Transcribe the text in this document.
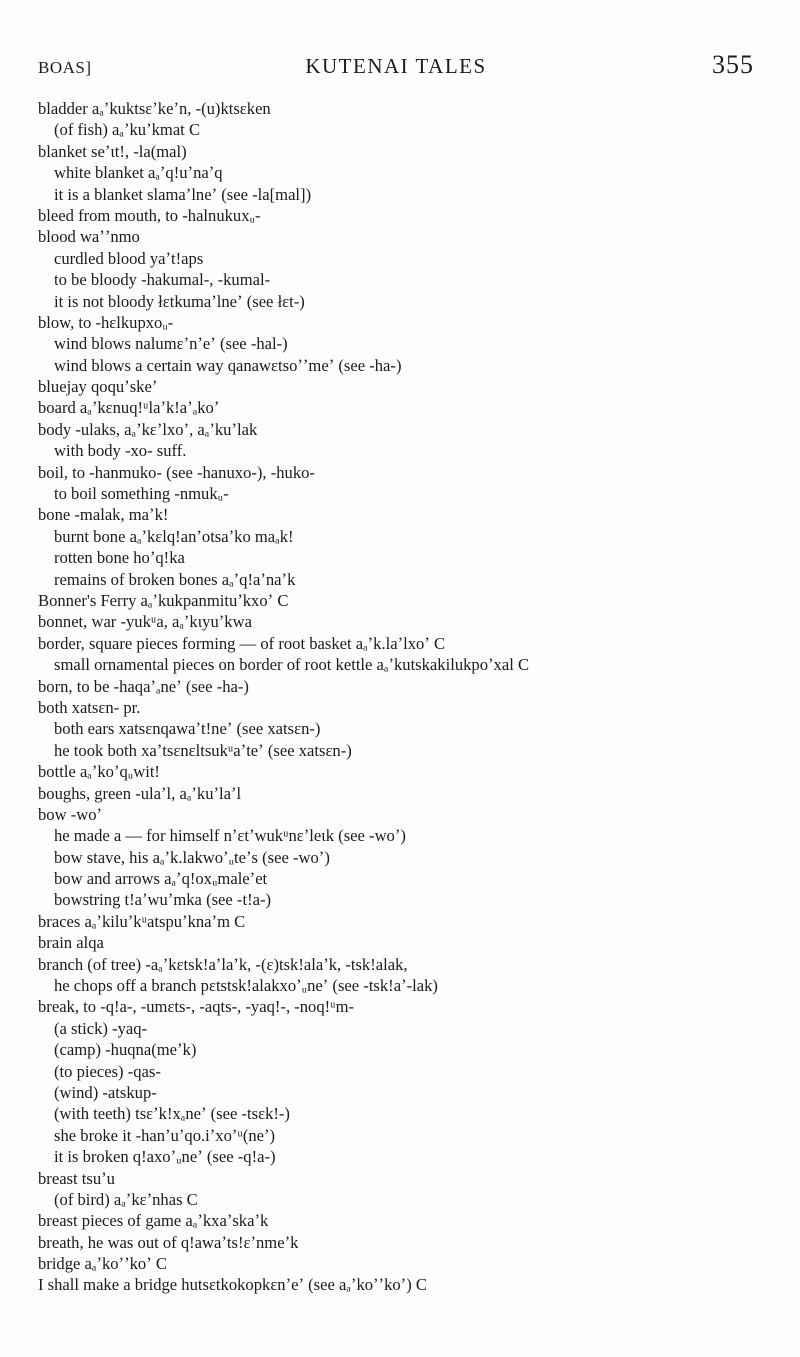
BOAS]	KUTENAI TALES	355
bladder aₐʼkuktsɛʼkeʼn, -(u)ktsɛken
(of fish) aₐʼkuʼkmat C
blanket seʼɩt!, -la(mal)
white blanket aₐʼq!uʼnaʼq
it is a blanket slamaʼlneʼ (see -la[mal])
bleed from mouth, to -halnukuxᵤ-
blood waʼʼnmo
curdled blood yaʼt!aps
to be bloody -hakumal-, -kumal-
it is not bloody łɛtkumaʼlneʼ (see łɛt-)
blow, to -hɛlkupxoᵤ-
wind blows nalumɛʼnʼeʼ (see -hal-)
wind blows a certain way qanawɛtsoʼʼmeʼ (see -ha-)
bluejay qoquʼskeʼ
board aₐʼkɛnuq!ᵘlaʼk!aʼₐkoʼ
body -ulaks, aₐʼkɛʼlxoʼ, aₐʼkuʼlak
with body -xo- suff.
boil, to -hanmuko- (see -hanuxo-), -huko-
to boil something -nmukᵤ-
bone -malak, maʼk!
burnt bone aₐʼkɛlq!anʼotsaʼko maₐk!
rotten bone hoʼq!ka
remains of broken bones aₐʼq!aʼnaʼk
Bonner's Ferry aₐʼkukpanmituʼkxoʼ C
bonnet, war -yukᵘa, aₐʼkɩyuʼkwa
border, square pieces forming — of root basket aₐʼk.laʼlxoʼ C
small ornamental pieces on border of root kettle aₐʼkutskakilukpoʼxal C
born, to be -haqaʼₐneʼ (see -ha-)
both xatsɛn- pr.
both ears xatsɛnqawaʼt!neʼ (see xatsɛn-)
he took both xaʼtsɛnɛltsukᵘaʼteʼ (see xatsɛn-)
bottle aₐʼkoʼqᵤwit!
boughs, green -ulaʼl, aₐʼkuʼlaʼl
bow -woʼ
he made a — for himself nʼɛtʼwukᵘnɛʼleɩk (see -woʼ)
bow stave, his aₐʼk.lakwoʼᵤteʼs (see -woʼ)
bow and arrows aₐʼq!oxᵤmaleʼet
bowstring t!aʼwuʼmka (see -t!a-)
braces aₐʼkiluʼkᵘatspuʼknaʼm C
brain alqa
branch (of tree) -aₐʼkɛtsk!aʼlaʼk, -(ɛ)tsk!alaʼk, -tsk!alak,
he chops off a branch pɛtstsk!alakxoʼᵤneʼ (see -tsk!aʼ-lak)
break, to -q!a-, -umɛts-, -aqts-, -yaq!-, -noq!ᵘm-
(a stick) -yaq-
(camp) -huqna(meʼk)
(to pieces) -qas-
(wind) -atskup-
(with teeth) tsɛʼk!xₐneʼ (see -tsɛk!-)
she broke it -hanʼuʼqo.iʼxoʼᵘ(neʼ)
it is broken q!axoʼᵤneʼ (see -q!a-)
breast tsuʼu
(of bird) aₐʼkɛʼnhas C
breast pieces of game aₐʼkxaʼskaʼk
breath, he was out of q!awaʼts!ɛʼnmeʼk
bridge aₐʼkoʼʼkoʼ C
I shall make a bridge hutsɛtkokopkɛnʼeʼ (see aₐʼkoʼʼkoʼ) C
